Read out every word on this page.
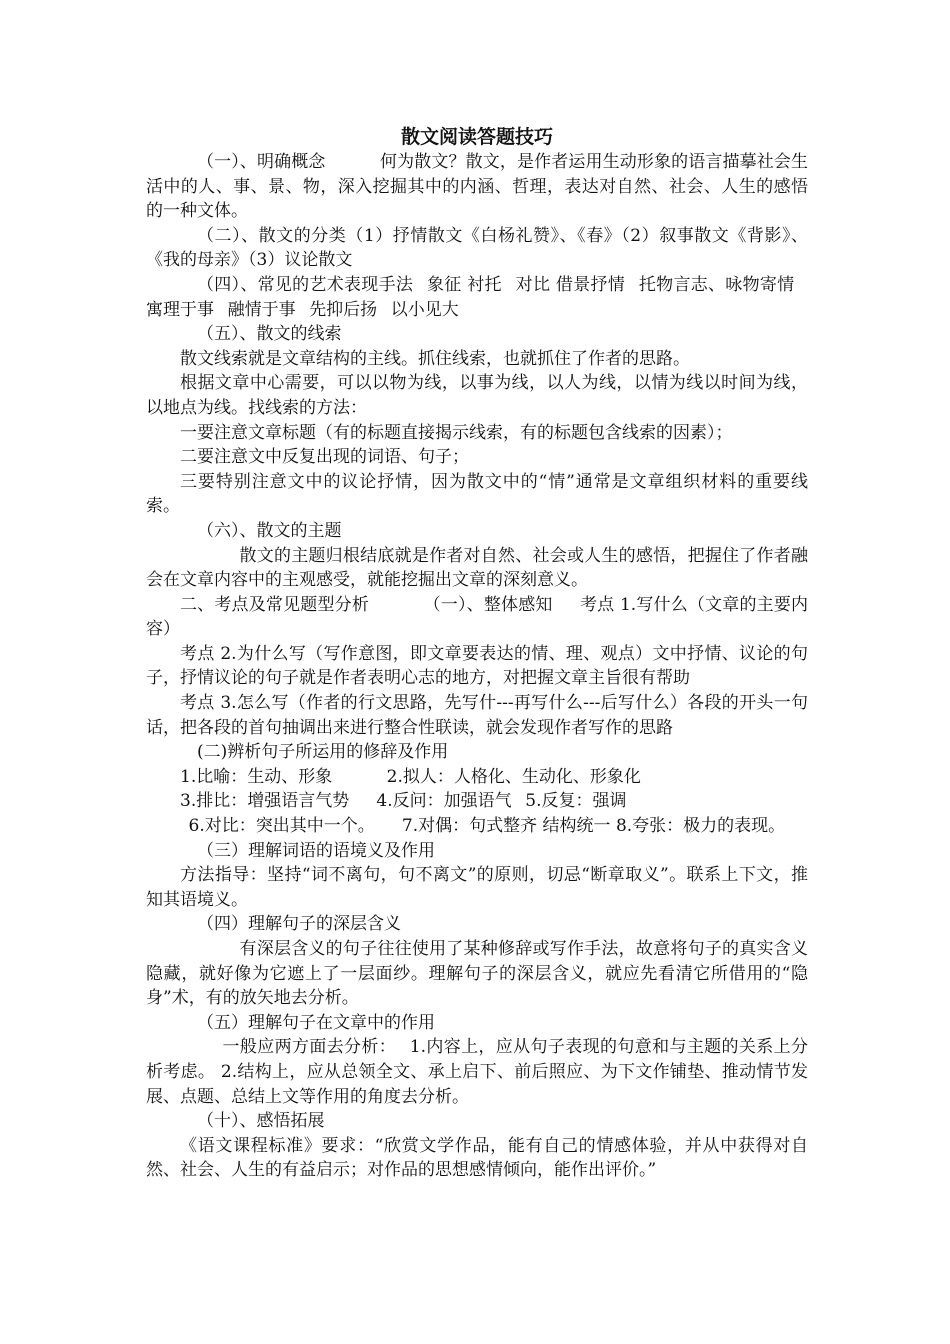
散文阅读答题技巧

（一）、明确概念	何为散文？散文，是作者运用生动形象的语言描摹社会生活中的人、事、景、物，深入挖掘其中的内涵、哲理，表达对自然、社会、人生的感悟的一种文体。

（二）、散文的分类（1）抒情散文《白杨礼赞》、《春》（2）叙事散文《背影》、《我的母亲》（3）议论散文

（四）、常见的艺术表现手法 象征 衬托 对比 借景抒情 托物言志、咏物寄情寓理于事 融情于事 先抑后扬 以小见大

（五）、散文的线索

散文线索就是文章结构的主线。抓住线索，也就抓住了作者的思路。

根据文章中心需要，可以以物为线，以事为线，以人为线，以情为线以时间为线，以地点为线。找线索的方法：

一要注意文章标题（有的标题直接揭示线索，有的标题包含线索的因素）；

二要注意文中反复出现的词语、句子；

三要特别注意文中的议论抒情，因为散文中的“情”通常是文章组织材料的重要线索。

（六）、散文的主题

散文的主题归根结底就是作者对自然、社会或人生的感悟，把握住了作者融会在文章内容中的主观感受，就能挖掘出文章的深刻意义。

二、考点及常见题型分析	（一）、整体感知 考点 1.写什么（文章的主要内容）

考点 2.为什么写（写作意图，即文章要表达的情、理、观点）文中抒情、议论的句子，抒情议论的句子就是作者表明心志的地方，对把握文章主旨很有帮助

考点 3.怎么写（作者的行文思路，先写什---再写什么---后写什么）各段的开头一句话，把各段的首句抽调出来进行整合性联读，就会发现作者写作的思路

(二)辨析句子所运用的修辞及作用

1.比喻：生动、形象	2.拟人：人格化、生动化、形象化

3.排比：增强语言气势 4.反问：加强语气 5.反复：强调

6.对比：突出其中一个。 7.对偶：句式整齐 结构统一 8.夸张：极力的表现。

（三）理解词语的语境义及作用

方法指导：坚持“词不离句，句不离文”的原则，切忌“断章取义”。联系上下文，推知其语境义。

（四）理解句子的深层含义

有深层含义的句子往往使用了某种修辞或写作手法，故意将句子的真实含义隐藏，就好像为它遮上了一层面纱。理解句子的深层含义，就应先看清它所借用的“隐身”术，有的放矢地去分析。

（五）理解句子在文章中的作用

一般应两方面去分析： 1.内容上，应从句子表现的句意和与主题的关系上分析考虑。 2.结构上，应从总领全文、承上启下、前后照应、为下文作铺垫、推动情节发展、点题、总结上文等作用的角度去分析。

（十）、感悟拓展

《语文课程标准》要求：“欣赏文学作品，能有自己的情感体验，并从中获得对自然、社会、人生的有益启示；对作品的思想感情倾向，能作出评价。”
